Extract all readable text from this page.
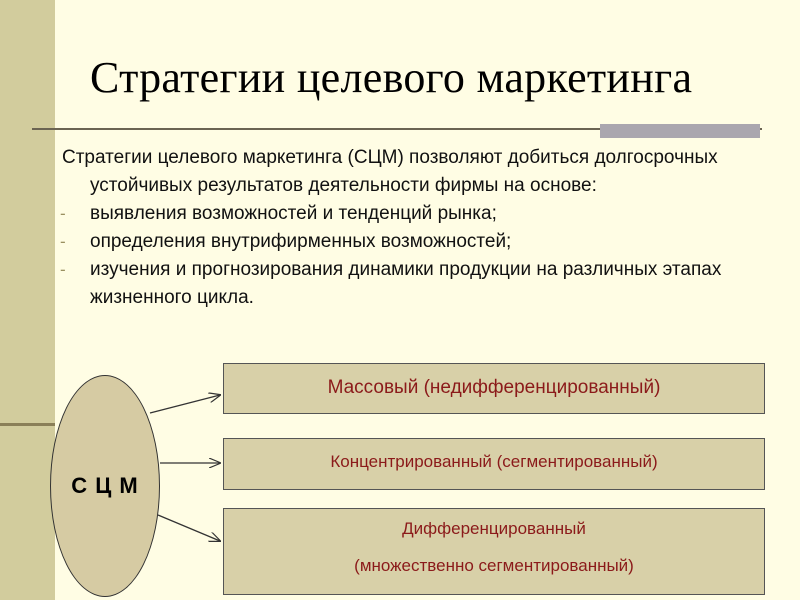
Стратегии целевого маркетинга

Стратегии целевого маркетинга (СЦМ) позволяют добиться долгосрочных устойчивых результатов деятельности фирмы на основе:

- выявления возможностей и тенденций рынка;

- определения внутрифирменных возможностей;

- изучения и прогнозирования динамики продукции на различных этапах жизненного цикла.

С Ц М
Массовый (недифференцированный)
Концентрированный (сегментированный)
Дифференцированный
(множественно сегментированный)
